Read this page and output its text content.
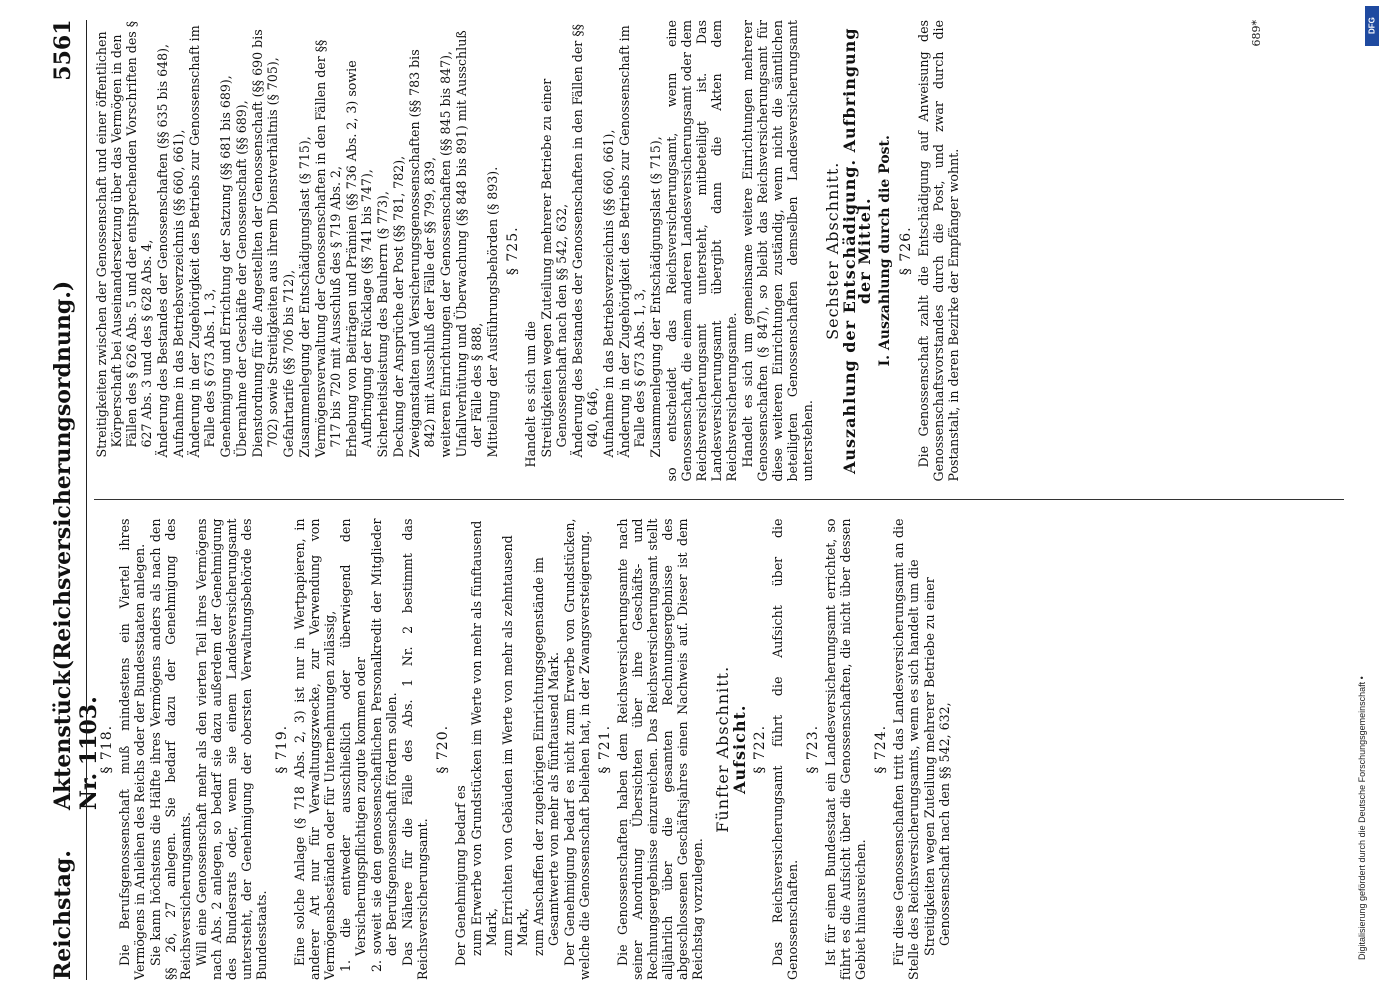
Reichstag.
Aktenstück Nr. 1103.
(Reichsversicherungsordnung.)
5561
§ 718. Die Berufsgenossenschaft muß mindestens ein Viertel ihres Vermögens in Anleihen des Reichs oder der Bundesstaaten anlegen. Sie kann höchstens die Hälfte ihres Vermögens anders als nach den §§ 26, 27 anlegen. Sie bedarf dazu der Genehmigung des Reichsversicherungsamts. Will eine Genossenschaft mehr als den vierten Teil ihres Vermögens nach Abs. 2 anlegen, so bedarf sie dazu außerdem der Genehmigung des Bundesrats oder, wenn sie einem Landesversicherungsamt untersteht, der Genehmigung der obersten Verwaltungsbehörde des Bundesstaats.

§ 719. Eine solche Anlage (§ 718 Abs. 2, 3) ist nur in Wertpapieren, in anderer Art nur für Verwaltungszwecke, zur Verwendung von Vermögensbeständen oder für Unternehmungen zulässig, 1. die entweder ausschließlich oder überwiegend den Versicherungspflichtigen zugute kommen oder 2. soweit sie den genossenschaftlichen Personalkredit der Mitglieder der Berufsgenossenschaft fördern sollen. Das Nähere für die Fälle des Abs. 1 Nr. 2 bestimmt das Reichsversicherungsamt.

§ 720.

Der Genehmigung bedarf es zum Erwerbe von Grundstücken im Werte von mehr als fünftausend Mark, zum Errichten von Gebäuden im Werte von mehr als zehntausend Mark, zum Anschaffen der zugehörigen Einrichtungsgegenstände im Gesamtwerte von mehr als fünftausend Mark. Der Genehmigung bedarf es nicht zum Erwerbe von Grundstücken, welche die Genossenschaft beliehen hat, in der Zwangsversteigerung. § 721. Die Genossenschaften haben dem Reichsversicherungsamte nach seiner Anordnung Übersichten über ihre Geschäfts- und Rechnungsergebnisse einzureichen. Das Reichsversicherungsamt stellt alljährlich über die gesamten Rechnungsergebnisse des abgeschlossenen Geschäftsjahres einen Nachweis auf. Dieser ist dem Reichstag vorzulegen.

Fünfter Abschnitt.
Aufsicht. § 722. Das Reichsversicherungsamt führt die Aufsicht über die Genossenschaften.

§ 723. Ist für einen Bundesstaat ein Landesversicherungsamt errichtet, so führt es die Aufsicht über die Genossenschaften, die nicht über dessen Gebiet hinausreichen.

§ 724. Für diese Genossenschaften tritt das Landesversicherungsamt an die Stelle des Reichsversicherungsamts, wenn es sich handelt um die Streitigkeiten wegen Zuteilung mehrerer Betriebe zu einer Genossenschaft nach den §§ 542, 632,

Streitigkeiten zwischen der Genossenschaft und einer öffentlichen Körperschaft bei Auseinandersetzung über das Vermögen in den Fällen des § 626 Abs. 5 und der entsprechenden Vorschriften des § 627 Abs. 3 und des § 628 Abs. 4, Änderung des Bestandes der Genossenschaften (§§ 635 bis 648), Aufnahme in das Betriebsverzeichnis (§§ 660, 661), Änderung in der Zugehörigkeit des Betriebs zur Genossenschaft im Falle des § 673 Abs. 1, 3, Genehmigung und Errichtung der Satzung (§§ 681 bis 689), Übernahme der Geschäfte der Genossenschaft (§§ 689), Dienstordnung für die Angestellten der Genossenschaft (§§ 690 bis 702) sowie Streitigkeiten aus ihrem Dienstverhältnis (§ 705), Gefahrtarife (§§ 706 bis 712), Zusammenlegung der Entschädigungslast (§ 715), Vermögensverwaltung der Genossenschaften in den Fällen der §§ 717 bis 720 mit Ausschluß des § 719 Abs. 2, Erhebung von Beiträgen und Prämien (§§ 736 Abs. 2, 3) sowie Aufbringung der Rücklage (§§ 741 bis 747), Sicherheitsleistung des Bauherrn (§ 773), Deckung der Ansprüche der Post (§§ 781, 782), Zweiganstalten und Versicherungsgenossenschaften (§§ 783 bis 842) mit Ausschluß der Fälle der §§ 799, 839, weiteren Einrichtungen der Genossenschaften (§§ 845 bis 847), Unfallverhütung und Überwachung (§§ 848 bis 891) mit Ausschluß der Fälle des § 888, Mitteilung der Ausführungsbehörden (§ 893). § 725.

Handelt es sich um die Streitigkeiten wegen Zuteilung mehrerer Betriebe zu einer Genossenschaft nach den §§ 542, 632, Änderung des Bestandes der Genossenschaften in den Fällen der §§ 640, 646, Aufnahme in das Betriebsverzeichnis (§§ 660, 661), Änderung in der Zugehörigkeit des Betriebs zur Genossenschaft im Falle des § 673 Abs. 1, 3, Zusammenlegung der Entschädigungslast (§ 715), so entscheidet das Reichsversicherungsamt, wenn eine Genossenschaft, die einem anderen Landesversicherungsamt oder dem Reichsversicherungsamt untersteht, mitbeteiligt ist. Das Landesversicherungsamt übergibt dann die Akten dem Reichsversicherungsamte. Handelt es sich um gemeinsame weitere Einrichtungen mehrerer Genossenschaften (§ 847), so bleibt das Reichsversicherungsamt für diese weiteren Einrichtungen zuständig, wenn nicht die sämtlichen beteiligten Genossenschaften demselben Landesversicherungsamt unterstehen.

Sechster Abschnitt.
Auszahlung der Entschädigung. Aufbringung der Mittel. I. Auszahlung durch die Post. § 726. Die Genossenschaft zahlt die Entschädigung auf Anweisung des Genossenschaftsvorstandes durch die Post, und zwar durch die Postanstalt, in deren Bezirke der Empfänger wohnt.

689*	DFG
Digitalisierung gefördert durch die Deutsche Forschungsgemeinschaft •
